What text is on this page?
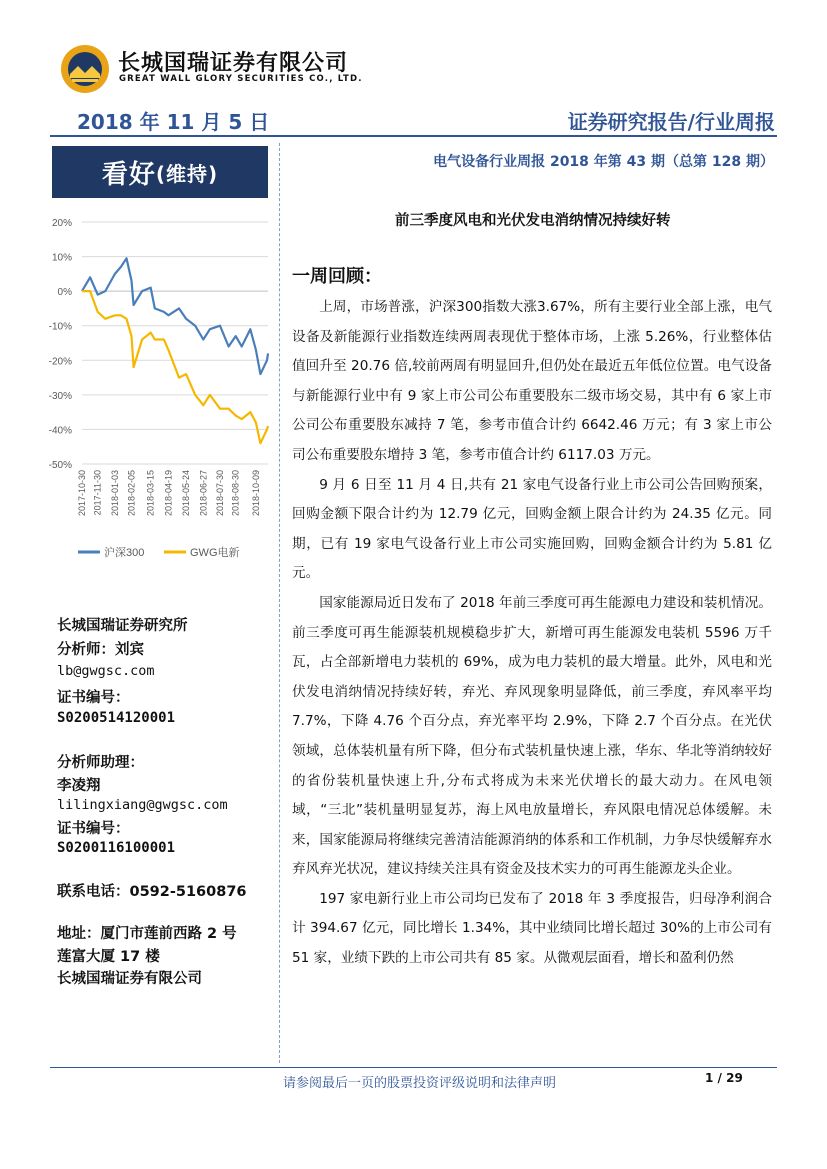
长城国瑞证券有限公司
GREAT WALL GLORY SECURITIES CO., LTD.
2018 年 11 月 5 日	证券研究报告/行业周报
看好 (维持)
20%
10%
0%
-10%
-20%
-30%
-40%
-50%
2017-10-30 2017-11-30 2018-01-03 2018-02-05 2018-03-15 2018-04-19 2018-05-24 2018-06-27 2018-07-30 2018-08-30 2018-10-09
沪深300	GWG电新
长城国瑞证券研究所
分析师：刘宾
lb@gwgsc.com
证书编号：
S0200514120001
分析师助理：
李凌翔
lilingxiang@gwgsc.com
证书编号：
S0200116100001
联系电话：0592-5160876
地址：厦门市莲前西路 2 号
莲富大厦 17 楼
长城国瑞证券有限公司
电气设备行业周报 2018 年第 43 期（总第 128 期）
前三季度风电和光伏发电消纳情况持续好转
一周回顾：

上周，市场普涨，沪深300指数大涨3.67%，所有主要行业全部上涨，电气设备及新能源行业指数连续两周表现优于整体市场，上涨 5.26%，行业整体估值回升至 20.76 倍,较前两周有明显回升,但仍处在最近五年低位位置。电气设备与新能源行业中有 9 家上市公司公布重要股东二级市场交易，其中有 6 家上市公司公布重要股东减持 7 笔，参考市值合计约 6642.46 万元；有 3 家上市公司公布重要股东增持 3 笔，参考市值合计约 6117.03 万元。

9 月 6 日至 11 月 4 日,共有 21 家电气设备行业上市公司公告回购预案，回购金额下限合计约为 12.79 亿元，回购金额上限合计约为 24.35 亿元。同期，已有 19 家电气设备行业上市公司实施回购，回购金额合计约为 5.81 亿元。

国家能源局近日发布了 2018 年前三季度可再生能源电力建设和装机情况。前三季度可再生能源装机规模稳步扩大，新增可再生能源发电装机 5596 万千瓦，占全部新增电力装机的 69%，成为电力装机的最大增量。此外，风电和光伏发电消纳情况持续好转，弃光、弃风现象明显降低，前三季度，弃风率平均 7.7%，下降 4.76 个百分点，弃光率平均 2.9%，下降 2.7 个百分点。在光伏领域，总体装机量有所下降，但分布式装机量快速上涨，华东、华北等消纳较好的省份装机量快速上升,分布式将成为未来光伏增长的最大动力。在风电领域，“三北”装机量明显复苏，海上风电放量增长，弃风限电情况总体缓解。未来，国家能源局将继续完善清洁能源消纳的体系和工作机制，力争尽快缓解弃水弃风弃光状况，建议持续关注具有资金及技术实力的可再生能源龙头企业。

197 家电新行业上市公司均已发布了 2018 年 3 季度报告，归母净利润合计 394.67 亿元，同比增长 1.34%，其中业绩同比增长超过 30%的上市公司有 51 家，业绩下跌的上市公司共有 85 家。从微观层面看，增长和盈利仍然

请参阅最后一页的股票投资评级说明和法律声明	1 / 29
